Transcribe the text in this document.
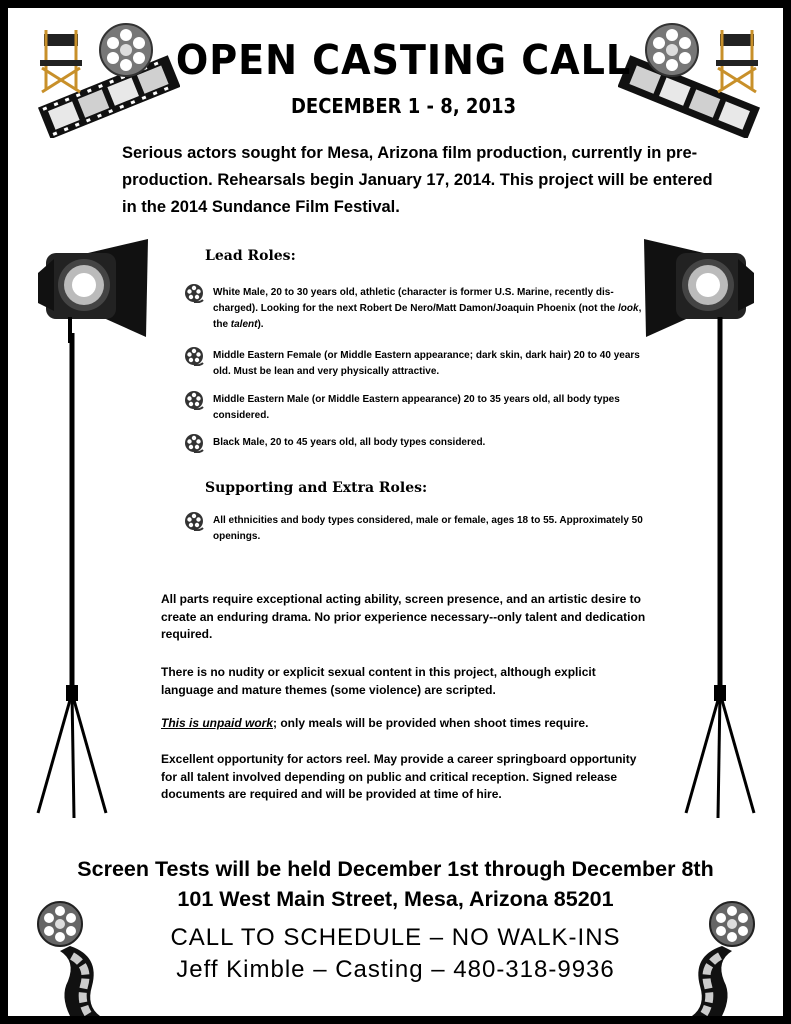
OPEN CASTING CALL
DECEMBER 1 - 8, 2013
Serious actors sought for Mesa, Arizona film production, currently in pre-production. Rehearsals begin January 17, 2014. This project will be entered in the 2014 Sundance Film Festival.
Lead Roles:
White Male, 20 to 30 years old, athletic (character is former U.S. Marine, recently dis-charged). Looking for the next Robert De Nero/Matt Damon/Joaquin Phoenix (not the look, the talent).
Middle Eastern Female (or Middle Eastern appearance; dark skin, dark hair) 20 to 40 years old. Must be lean and very physically attractive.
Middle Eastern Male (or Middle Eastern appearance) 20 to 35 years old, all body types considered.
Black Male, 20 to 45 years old, all body types considered.
Supporting and Extra Roles:
All ethnicities and body types considered, male or female, ages 18 to 55. Approximately 50 openings.
All parts require exceptional acting ability, screen presence, and an artistic desire to create an enduring drama. No prior experience necessary--only talent and dedication required.
There is no nudity or explicit sexual content in this project, although explicit language and mature themes (some violence) are scripted.
This is unpaid work; only meals will be provided when shoot times require.
Excellent opportunity for actors reel. May provide a career springboard opportunity for all talent involved depending on public and critical reception. Signed release documents are required and will be provided at time of hire.
Screen Tests will be held December 1st through December 8th
101 West Main Street, Mesa, Arizona 85201
CALL TO SCHEDULE – NO WALK-INS
Jeff Kimble – Casting – 480-318-9936
